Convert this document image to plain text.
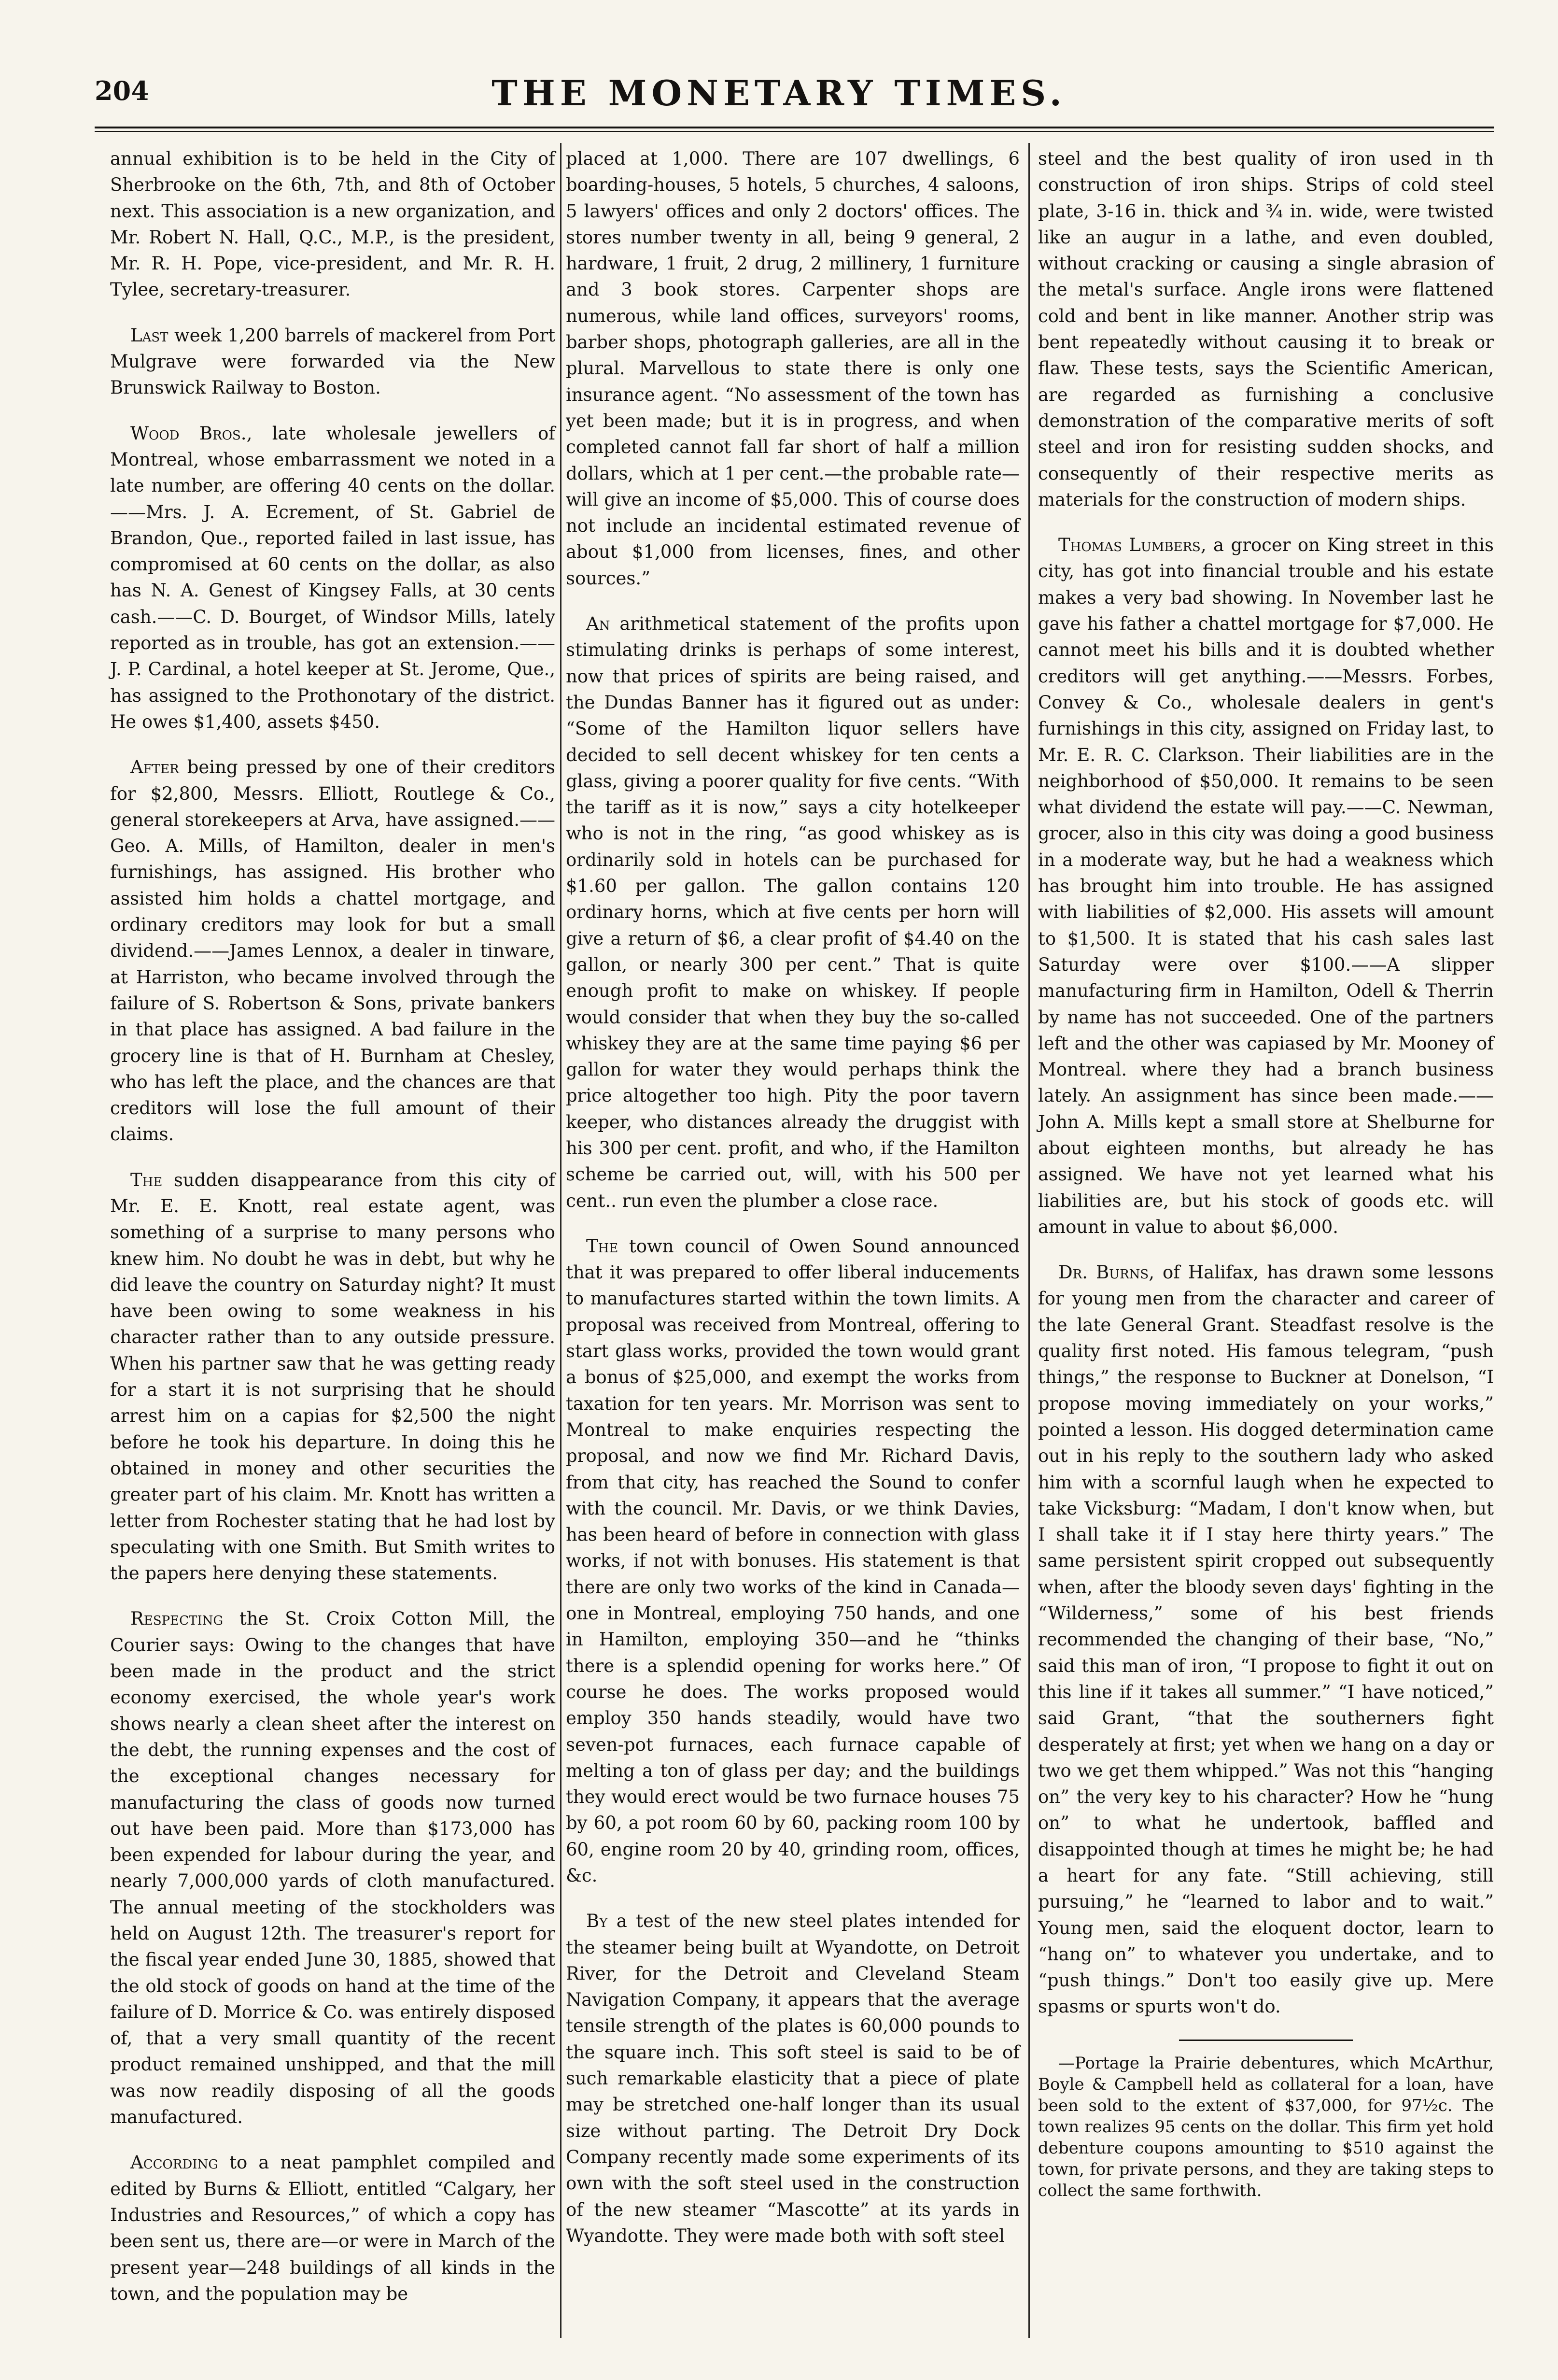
204	THE MONETARY TIMES.

annual exhibition is to be held in the City of Sherbrooke on the 6th, 7th, and 8th of October next. This association is a new organization, and Mr. Robert N. Hall, Q.C., M.P., is the president, Mr. R. H. Pope, vice-president, and Mr. R. H. Tylee, secretary-treasurer.

Last week 1,200 barrels of mackerel from Port Mulgrave were forwarded via the New Brunswick Railway to Boston.

Wood Bros., late wholesale jewellers of Montreal, whose embarrassment we noted in a late number, are offering 40 cents on the dollar.——Mrs. J. A. Ecrement, of St. Gabriel de Brandon, Que., reported failed in last issue, has compromised at 60 cents on the dollar, as also has N. A. Genest of Kingsey Falls, at 30 cents cash.——C. D. Bourget, of Windsor Mills, lately reported as in trouble, has got an extension.——J. P. Cardinal, a hotel keeper at St. Jerome, Que., has assigned to the Prothonotary of the district. He owes $1,400, assets $450.

After being pressed by one of their creditors for $2,800, Messrs. Elliott, Routlege & Co., general storekeepers at Arva, have assigned.——Geo. A. Mills, of Hamilton, dealer in men's furnishings, has assigned. His brother who assisted him holds a chattel mortgage, and ordinary creditors may look for but a small dividend.——James Lennox, a dealer in tinware, at Harriston, who became involved through the failure of S. Robertson & Sons, private bankers in that place has assigned. A bad failure in the grocery line is that of H. Burnham at Chesley, who has left the place, and the chances are that creditors will lose the full amount of their claims.

The sudden disappearance from this city of Mr. E. E. Knott, real estate agent, was something of a surprise to many persons who knew him. No doubt he was in debt, but why he did leave the country on Saturday night? It must have been owing to some weakness in his character rather than to any outside pressure. When his partner saw that he was getting ready for a start it is not surprising that he should arrest him on a capias for $2,500 the night before he took his departure. In doing this he obtained in money and other securities the greater part of his claim. Mr. Knott has written a letter from Rochester stating that he had lost by speculating with one Smith. But Smith writes to the papers here denying these statements.

Respecting the St. Croix Cotton Mill, the Courier says: Owing to the changes that have been made in the product and the strict economy exercised, the whole year's work shows nearly a clean sheet after the interest on the debt, the running expenses and the cost of the exceptional changes necessary for manufacturing the class of goods now turned out have been paid. More than $173,000 has been expended for labour during the year, and nearly 7,000,000 yards of cloth manufactured. The annual meeting of the stockholders was held on August 12th. The treasurer's report for the fiscal year ended June 30, 1885, showed that the old stock of goods on hand at the time of the failure of D. Morrice & Co. was entirely disposed of, that a very small quantity of the recent product remained unshipped, and that the mill was now readily disposing of all the goods manufactured.

According to a neat pamphlet compiled and edited by Burns & Elliott, entitled “Calgary, her Industries and Resources,” of which a copy has been sent us, there are—or were in March of the present year—248 buildings of all kinds in the town, and the population may be

placed at 1,000. There are 107 dwellings, 6 boarding-houses, 5 hotels, 5 churches, 4 saloons, 5 lawyers' offices and only 2 doctors' offices. The stores number twenty in all, being 9 general, 2 hardware, 1 fruit, 2 drug, 2 millinery, 1 furniture and 3 book stores. Carpenter shops are numerous, while land offices, surveyors' rooms, barber shops, photograph galleries, are all in the plural. Marvellous to state there is only one insurance agent. “No assessment of the town has yet been made; but it is in progress, and when completed cannot fall far short of half a million dollars, which at 1 per cent.—the probable rate—will give an income of $5,000. This of course does not include an incidental estimated revenue of about $1,000 from licenses, fines, and other sources.”

An arithmetical statement of the profits upon stimulating drinks is perhaps of some interest, now that prices of spirits are being raised, and the Dundas Banner has it figured out as under: “Some of the Hamilton liquor sellers have decided to sell decent whiskey for ten cents a glass, giving a poorer quality for five cents. “With the tariff as it is now,” says a city hotelkeeper who is not in the ring, “as good whiskey as is ordinarily sold in hotels can be purchased for $1.60 per gallon. The gallon contains 120 ordinary horns, which at five cents per horn will give a return of $6, a clear profit of $4.40 on the gallon, or nearly 300 per cent.” That is quite enough profit to make on whiskey. If people would consider that when they buy the so-called whiskey they are at the same time paying $6 per gallon for water they would perhaps think the price altogether too high. Pity the poor tavern keeper, who distances already the druggist with his 300 per cent. profit, and who, if the Hamilton scheme be carried out, will, with his 500 per cent.. run even the plumber a close race.

The town council of Owen Sound announced that it was prepared to offer liberal inducements to manufactures started within the town limits. A proposal was received from Montreal, offering to start glass works, provided the town would grant a bonus of $25,000, and exempt the works from taxation for ten years. Mr. Morrison was sent to Montreal to make enquiries respecting the proposal, and now we find Mr. Richard Davis, from that city, has reached the Sound to confer with the council. Mr. Davis, or we think Davies, has been heard of before in connection with glass works, if not with bonuses. His statement is that there are only two works of the kind in Canada—one in Montreal, employing 750 hands, and one in Hamilton, employing 350—and he “thinks there is a splendid opening for works here.” Of course he does. The works proposed would employ 350 hands steadily, would have two seven-pot furnaces, each furnace capable of melting a ton of glass per day; and the buildings they would erect would be two furnace houses 75 by 60, a pot room 60 by 60, packing room 100 by 60, engine room 20 by 40, grinding room, offices, &c.

By a test of the new steel plates intended for the steamer being built at Wyandotte, on Detroit River, for the Detroit and Cleveland Steam Navigation Company, it appears that the average tensile strength of the plates is 60,000 pounds to the square inch. This soft steel is said to be of such remarkable elasticity that a piece of plate may be stretched one-half longer than its usual size without parting. The Detroit Dry Dock Company recently made some experiments of its own with the soft steel used in the construction of the new steamer “Mascotte” at its yards in Wyandotte. They were made both with soft steel

steel and the best quality of iron used in th construction of iron ships. Strips of cold steel plate, 3-16 in. thick and ¾ in. wide, were twisted like an augur in a lathe, and even doubled, without cracking or causing a single abrasion of the metal's surface. Angle irons were flattened cold and bent in like manner. Another strip was bent repeatedly without causing it to break or flaw. These tests, says the Scientific American, are regarded as furnishing a conclusive demonstration of the comparative merits of soft steel and iron for resisting sudden shocks, and consequently of their respective merits as materials for the construction of modern ships.

Thomas Lumbers, a grocer on King street in this city, has got into financial trouble and his estate makes a very bad showing. In November last he gave his father a chattel mortgage for $7,000. He cannot meet his bills and it is doubted whether creditors will get anything.——Messrs. Forbes, Convey & Co., wholesale dealers in gent's furnishings in this city, assigned on Friday last, to Mr. E. R. C. Clarkson. Their liabilities are in the neighborhood of $50,000. It remains to be seen what dividend the estate will pay.——C. Newman, grocer, also in this city was doing a good business in a moderate way, but he had a weakness which has brought him into trouble. He has assigned with liabilities of $2,000. His assets will amount to $1,500. It is stated that his cash sales last Saturday were over $100.——A slipper manufacturing firm in Hamilton, Odell & Therrin by name has not succeeded. One of the partners left and the other was capiased by Mr. Mooney of Montreal. where they had a branch business lately. An assignment has since been made.——John A. Mills kept a small store at Shelburne for about eighteen months, but already he has assigned. We have not yet learned what his liabilities are, but his stock of goods etc. will amount in value to about $6,000.

Dr. Burns, of Halifax, has drawn some lessons for young men from the character and career of the late General Grant. Steadfast resolve is the quality first noted. His famous telegram, “push things,” the response to Buckner at Donelson, “I propose moving immediately on your works,” pointed a lesson. His dogged determination came out in his reply to the southern lady who asked him with a scornful laugh when he expected to take Vicksburg: “Madam, I don't know when, but I shall take it if I stay here thirty years.” The same persistent spirit cropped out subsequently when, after the bloody seven days' fighting in the “Wilderness,” some of his best friends recommended the changing of their base, “No,” said this man of iron, “I propose to fight it out on this line if it takes all summer.” “I have noticed,” said Grant, “that the southerners fight desperately at first; yet when we hang on a day or two we get them whipped.” Was not this “hanging on” the very key to his character? How he “hung on” to what he undertook, baffled and disappointed though at times he might be; he had a heart for any fate. “Still achieving, still pursuing,” he “learned to labor and to wait.” Young men, said the eloquent doctor, learn to “hang on” to whatever you undertake, and to “push things.” Don't too easily give up. Mere spasms or spurts won't do.

—Portage la Prairie debentures, which McArthur, Boyle & Campbell held as collateral for a loan, have been sold to the extent of $37,000, for 97½c. The town realizes 95 cents on the dollar. This firm yet hold debenture coupons amounting to $510 against the town, for private persons, and they are taking steps to collect the same forthwith.
